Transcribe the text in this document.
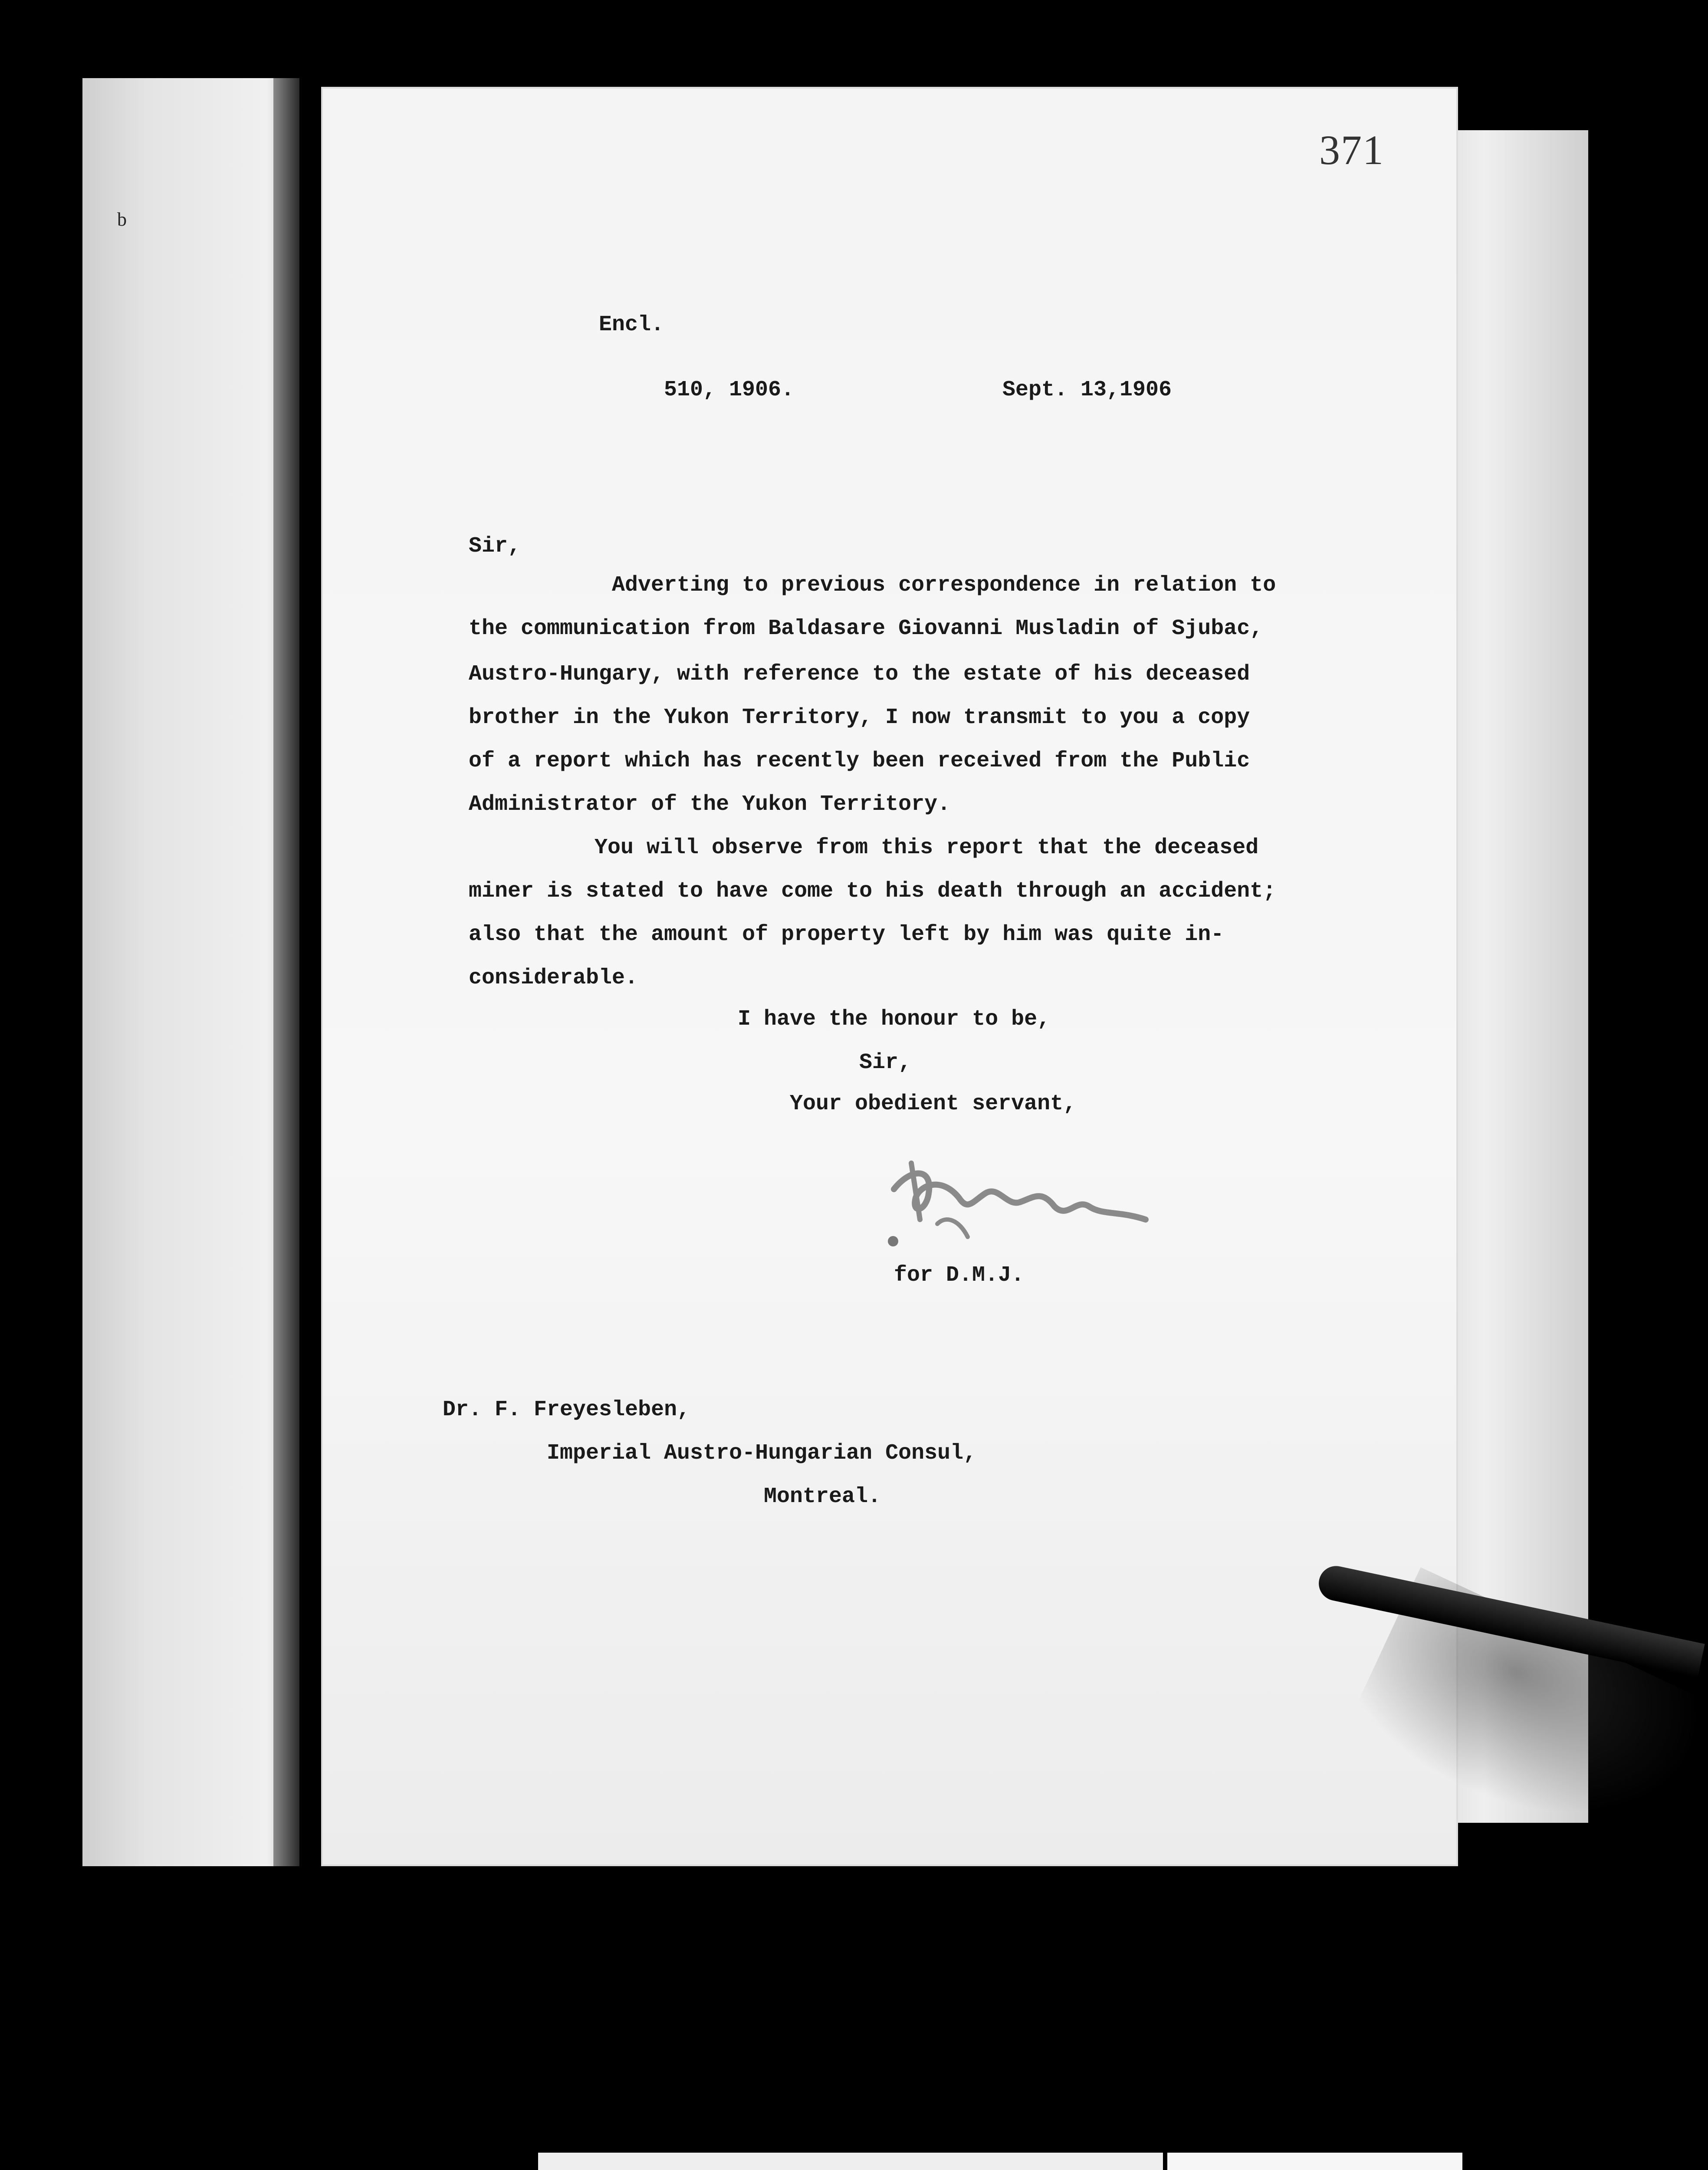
b
371
Encl.
510, 1906.	Sept. 13,1906
Sir,
Adverting to previous correspondence in relation to
the communication from Baldasare Giovanni Musladin of Sjubac,
Austro-Hungary, with reference to the estate of his deceased
brother in the Yukon Territory, I now transmit to you a copy
of a report which has recently been received from the Public
Administrator of the Yukon Territory.
You will observe from this report that the deceased
miner is stated to have come to his death through an accident;
also that the amount of property left by him was quite in-
considerable.
I have the honour to be,
Sir,
Your obedient servant,
for D.M.J.
Dr. F. Freyesleben,
Imperial Austro-Hungarian Consul,
Montreal.
